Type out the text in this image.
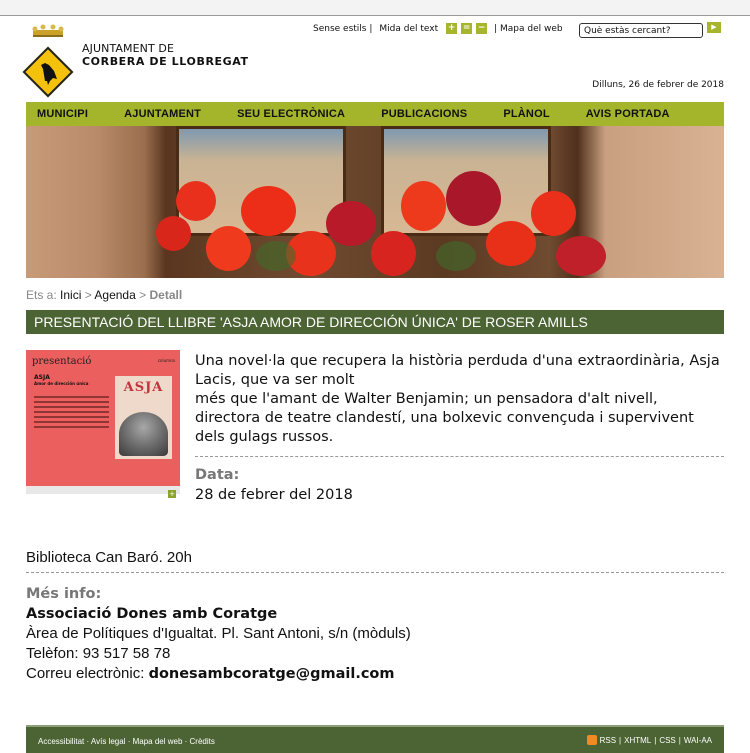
AJUNTAMENT DE
CORBERA DE LLOBREGAT
Sense estils | Mida del text + = − | Mapa del web
Què estàs cercant?	▶
Dilluns, 26 de febrer de 2018
MUNICIPI	AJUNTAMENT	SEU ELECTRÒNICA	PUBLICACIONS	PLÀNOL	AVIS PORTADA
Ets a: Inici > Agenda > Detall
PRESENTACIÓ DEL LLIBRE 'ASJA AMOR DE DIRECCIÓN ÚNICA' DE ROSER AMILLS
presentació	columna
ASJA
Amor de dirección única	ASJA
+
Una novel·la que recupera la història perduda d'una extraordinària, Asja Lacis, que va ser molt
més que l'amant de Walter Benjamin; un pensadora d'alt nivell, directora de teatre clandestí, una bolxevic convençuda i supervivent dels gulags russos.
Data:
28 de febrer del 2018
Biblioteca Can Baró. 20h
Més info:
Associació Dones amb Coratge
Àrea de Polítiques d'Igualtat. Pl. Sant Antoni, s/n (mòduls)
Telèfon: 93 517 58 78
Correu electrònic: donesambcoratge@gmail.com
Accessibilitat · Avís legal · Mapa del web · Crèdits	RSS | XHTML | CSS | WAI-AA
